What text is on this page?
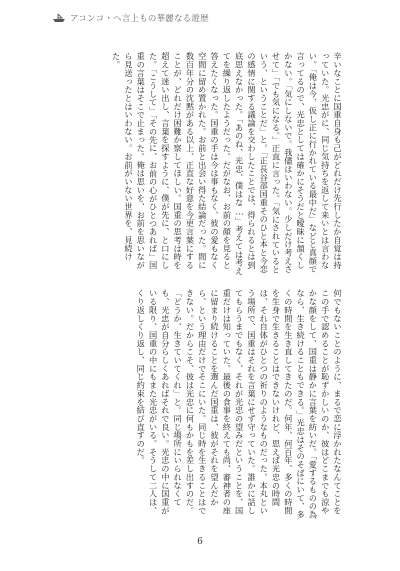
アコンコ・へ言上もの華麗なる遊歴

辛いなことに国重自身も己がどれだけ先行したか自覚は持っていた。光忠がに、同じ気持ちを返して来いとは言わない。「俺は今、仮し正に行かれている最中だ」などと真顔で言ってるので、光忠としては確かにそうだと曖昧に頷くしかない。「気にしないで。我儘はいわない。少しだけ考えさせて」「でも気になる。」正直に言った。「気にされているという、ということだ」と。「正長谷部国重そのひと本と今恋の感情に関する議論を交わしたことでは、得られるとは到底思えなかった。「あのね、光忠、僕はな…」考えては考えてを繰り返したようだった。だがなお、お前の顔を見ると答えたくなった。国重の手は今は事もなく、彼の愛もなく空間に留め置かれた。お前と出会い得た結論だった。間に数百年分の沈黙がある以上、正直な好意を今更言葉にすることが、どれだけ困難か察してほしい。国重の思考は時を超えて迷い出し、言葉を探すように、僕が先に、と口にした。「こうして」「その先に、お前の心がひとつあれば」国重の言葉はそこで止まった。俺は思いを、お前を思いながら見送ったとはいわない。お前がいない世界を、見続けた。

何でもないことのように、まるで恋に浮かれたなんてことをこの手で認めることが恥ずかしいのか、彼はどこまでも涼やかな顔をして、国重は静かに言葉を紡いだ。「愛するものの為なら、生き続けることもできる。」光忠はそのそばにいて、多くの時間を生き直してきたのだ。何年、何百年、多くの時間を生身で生きることはできないけれど、思えば光忠の時間は、それ自体がひとつの祈りのようなものだった。本丸という場所で、国重はそれを言葉にせず守っていた。誰かに話してもらうまでもなく、それが光忠の望みだということを、国重だけは知っていた。最後の食事を終えても尚、審神者の座に留まり続けることを選んだ国重は、彼がそれを望んだから、という理由だけでそこにいた。同じ時を生きることはできない。だからこそ、彼は光忠に何もかもを差し出すのだ。「どうか、生きていてくれ」と。同じ場所にいられなくても、光忠が自分らしくあればそれで良い。光忠の中に国重がいる限り、国重の中にもまた光忠がいる。そうして二人は、くり返しくり返し、同じ約束を結び直すのだ。

6
